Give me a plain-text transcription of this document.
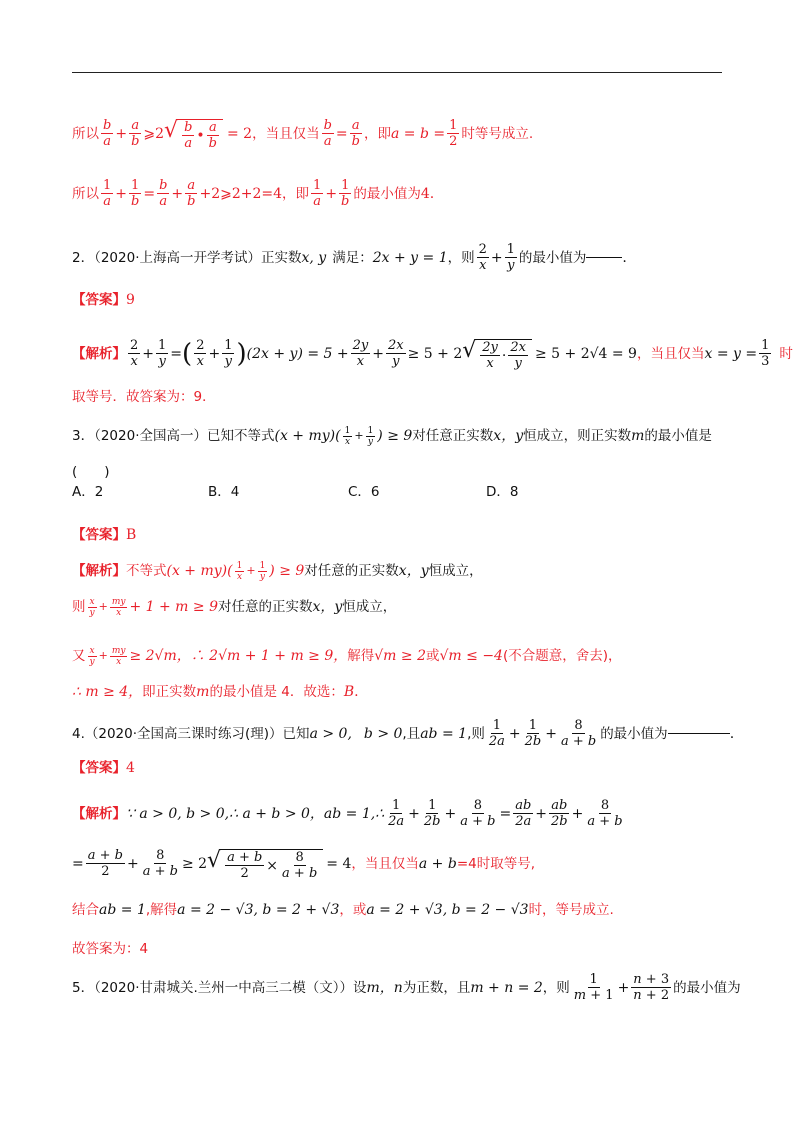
所以 $\frac{b}{a} + \frac{a}{b}$ ⩾2 √ $\frac{b}{a}$ • $\frac{a}{b} = 2$ ，当且仅当 $\frac{b}{a} = \frac{a}{b}$ ，即 $a = b = \frac{1}{2}$ 时等号成立.
所以 $\frac{1}{a} + \frac{1}{b} = \frac{b}{a} + \frac{a}{b}$ +2⩾2+2=4 ，即 $\frac{1}{a} + \frac{1}{b}$ 的最小值为 4 .
2．（2020·上海高一开学考试）正实数 x, y 满足： 2x + y = 1 ，则 $\frac{2}{x} + \frac{1}{y}$ 的最小值为	.
【答案】 9
【解析】 $\frac{2}{x} + \frac{1}{y}$ = ( $\frac{2}{x} + \frac{1}{y}$ ) $(2x + y) = 5 + \frac{2y}{x} + \frac{2x}{y} \ge 5 + 2$ √ $\frac{2y}{x} \cdot \frac{2x}{y} \ge 5 + 2√4 = 9$ ，当且仅当 $x = y = \frac{1}{3}$ 时
取等号．故答案为：9．
3．（2020·全国高一）已知不等式 $(x + my)( \frac{1}{x} + \frac{1}{y}$ ) ≥ 9 对任意正实数 x，y 恒成立，则正实数 m 的最小值是
(　　)
A．2	B．4	C．6	D．8
【答案】 B
【解析】 不等式 $(x + my)( \frac{1}{x} + \frac{1}{y}$ ) ≥ 9 对任意的正实数 x，y 恒成立，
则 $\frac{x}{y} + \frac{my}{x} + 1 + m \ge 9$ 对任意的正实数 x，y 恒成立，
又 $\frac{x}{y} + \frac{my}{x} \ge 2√m$，∴ 2√m + 1 + m ≥ 9， 解得 √m ≥ 2 或 √m ≤ −4 (不合题意，舍去)，
∴ m ≥ 4， 即正实数 m 的最小值是 4．故选： B .
4.（2020·全国高三课时练习(理)）已知 a > 0, b > 0 ,且 ab = 1 ,则 $\frac{1}{2a} + \frac{1}{2b} + \frac{8}{a + b}$ 的最小值为	.
【答案】 4
【解析】 ∵ a > 0, b > 0,∴ a + b > 0，ab = 1,∴ $\frac{1}{2a} + \frac{1}{2b} + \frac{8}{a + b} = \frac{ab}{2a} + \frac{ab}{2b} + \frac{8}{a + b}$
= $\frac{a + b}{2} + \frac{8}{a + b} \ge 2$ √ $\frac{a + b}{2} \times \frac{8}{a + b} = 4$ ，当且仅当 a + b =4时取等号,
结合 ab = 1 ,解得 a = 2 − √3, b = 2 + √3 ，或 a = 2 + √3, b = 2 − √3 时，等号成立.
故答案为：4
5．（2020·甘肃城关.兰州一中高三二模（文））设 m，n 为正数，且 m + n = 2 ，则 $\frac{1}{m + 1} + \frac{n + 3}{n + 2}$ 的最小值为
